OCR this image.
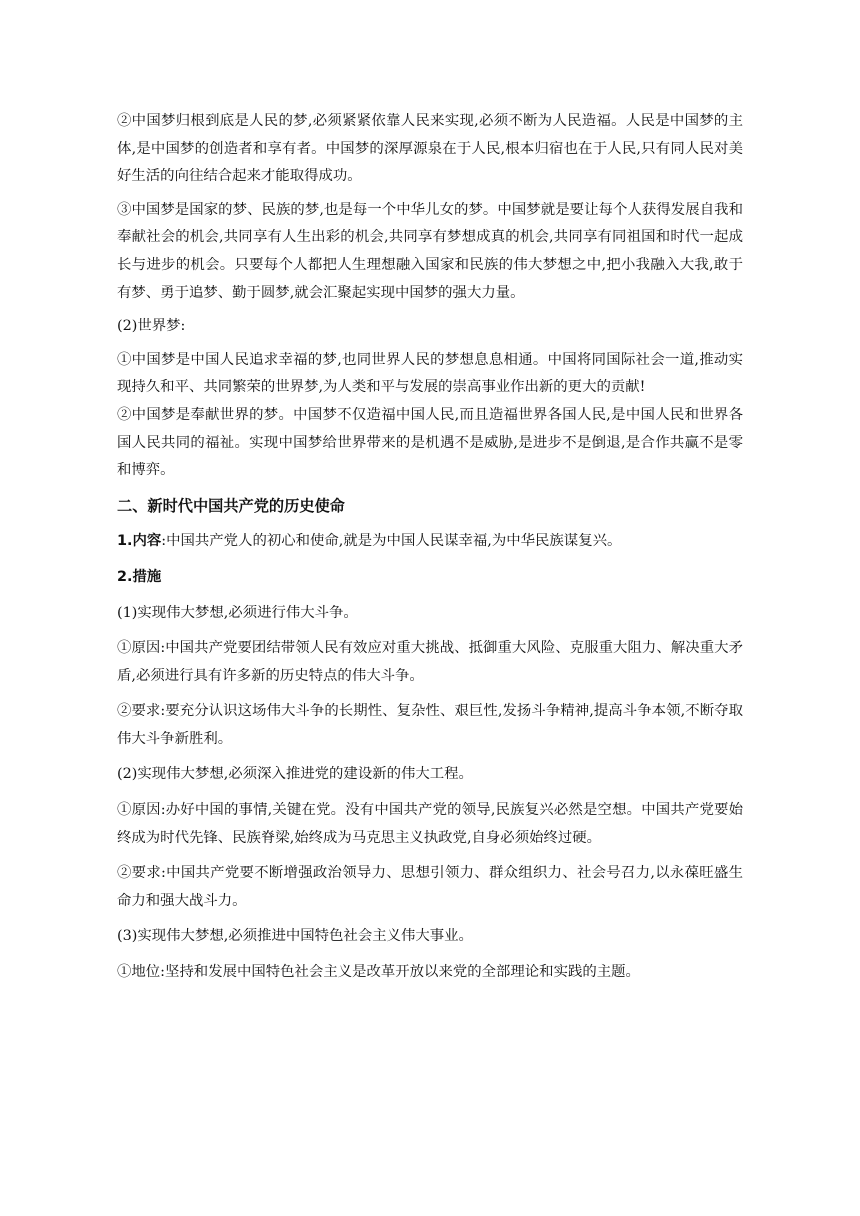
②中国梦归根到底是人民的梦,必须紧紧依靠人民来实现,必须不断为人民造福。人民是中国梦的主体,是中国梦的创造者和享有者。中国梦的深厚源泉在于人民,根本归宿也在于人民,只有同人民对美好生活的向往结合起来才能取得成功。

③中国梦是国家的梦、民族的梦,也是每一个中华儿女的梦。中国梦就是要让每个人获得发展自我和奉献社会的机会,共同享有人生出彩的机会,共同享有梦想成真的机会,共同享有同祖国和时代一起成长与进步的机会。只要每个人都把人生理想融入国家和民族的伟大梦想之中,把小我融入大我,敢于有梦、勇于追梦、勤于圆梦,就会汇聚起实现中国梦的强大力量。

(2)世界梦:

①中国梦是中国人民追求幸福的梦,也同世界人民的梦想息息相通。中国将同国际社会一道,推动实现持久和平、共同繁荣的世界梦,为人类和平与发展的崇高事业作出新的更大的贡献!

②中国梦是奉献世界的梦。中国梦不仅造福中国人民,而且造福世界各国人民,是中国人民和世界各国人民共同的福祉。实现中国梦给世界带来的是机遇不是威胁,是进步不是倒退,是合作共赢不是零和博弈。

二、新时代中国共产党的历史使命

1.内容:中国共产党人的初心和使命,就是为中国人民谋幸福,为中华民族谋复兴。

2.措施

(1)实现伟大梦想,必须进行伟大斗争。

①原因:中国共产党要团结带领人民有效应对重大挑战、抵御重大风险、克服重大阻力、解决重大矛盾,必须进行具有许多新的历史特点的伟大斗争。

②要求:要充分认识这场伟大斗争的长期性、复杂性、艰巨性,发扬斗争精神,提高斗争本领,不断夺取伟大斗争新胜利。

(2)实现伟大梦想,必须深入推进党的建设新的伟大工程。

①原因:办好中国的事情,关键在党。没有中国共产党的领导,民族复兴必然是空想。中国共产党要始终成为时代先锋、民族脊梁,始终成为马克思主义执政党,自身必须始终过硬。

②要求:中国共产党要不断增强政治领导力、思想引领力、群众组织力、社会号召力,以永葆旺盛生命力和强大战斗力。

(3)实现伟大梦想,必须推进中国特色社会主义伟大事业。

①地位:坚持和发展中国特色社会主义是改革开放以来党的全部理论和实践的主题。
